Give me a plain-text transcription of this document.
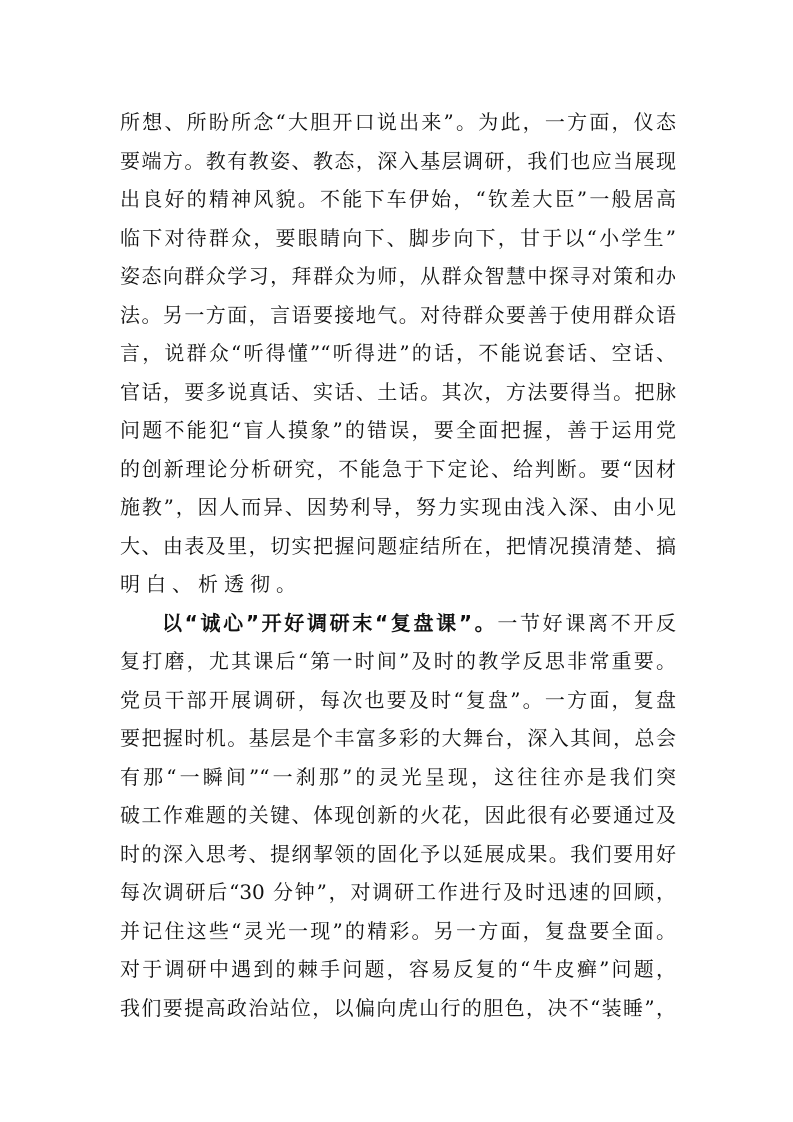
所想、所盼所念“大胆开口说出来”。为此，一方面，仪态
要端方。教有教姿、教态，深入基层调研，我们也应当展现
出良好的精神风貌。不能下车伊始，“钦差大臣”一般居高
临下对待群众，要眼睛向下、脚步向下，甘于以“小学生”
姿态向群众学习，拜群众为师，从群众智慧中探寻对策和办
法。另一方面，言语要接地气。对待群众要善于使用群众语
言，说群众“听得懂”“听得进”的话，不能说套话、空话、
官话，要多说真话、实话、土话。其次，方法要得当。把脉
问题不能犯“盲人摸象”的错误，要全面把握，善于运用党
的创新理论分析研究，不能急于下定论、给判断。要“因材
施教”，因人而异、因势利导，努力实现由浅入深、由小见
大、由表及里，切实把握问题症结所在，把情况摸清楚、搞
明白、析透彻。
以“诚心”开好调研末“复盘课”。一节好课离不开反
复打磨，尤其课后“第一时间”及时的教学反思非常重要。
党员干部开展调研，每次也要及时“复盘”。一方面，复盘
要把握时机。基层是个丰富多彩的大舞台，深入其间，总会
有那“一瞬间”“一刹那”的灵光呈现，这往往亦是我们突
破工作难题的关键、体现创新的火花，因此很有必要通过及
时的深入思考、提纲挈领的固化予以延展成果。我们要用好
每次调研后“30 分钟”，对调研工作进行及时迅速的回顾，
并记住这些“灵光一现”的精彩。另一方面，复盘要全面。
对于调研中遇到的棘手问题，容易反复的“牛皮癣”问题，
我们要提高政治站位，以偏向虎山行的胆色，决不“装睡”，
